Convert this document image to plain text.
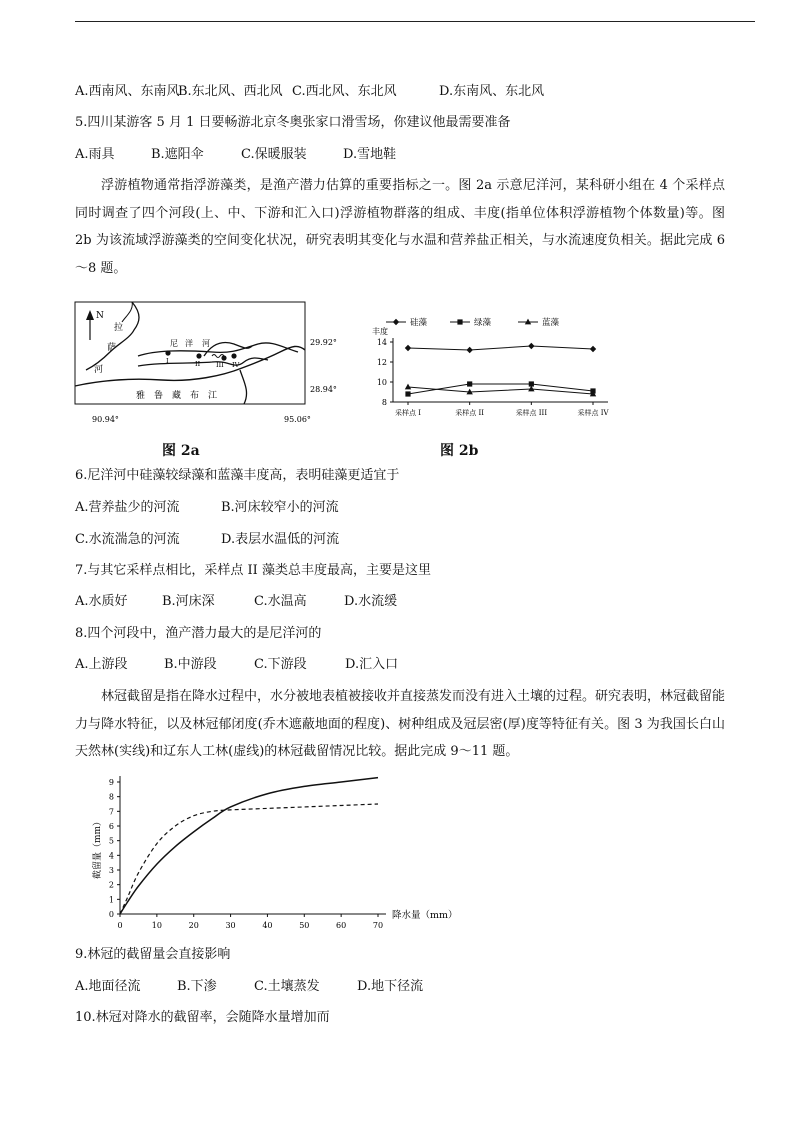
A.西南风、东南风B.东北风、西北风 C.西北风、东北风	D.东南风、东北风
5.四川某游客 5 月 1 日要畅游北京冬奥张家口滑雪场，你建议他最需要准备
A.雨具	B.遮阳伞	C.保暖服装	D.雪地鞋
浮游植物通常指浮游藻类，是渔产潜力估算的重要指标之一。图 2a 示意尼洋河，某科研小组在 4 个采样点同时调查了四个河段(上、中、下游和汇入口)浮游植物群落的组成、丰度(指单位体积浮游植物个体数量)等。图 2b 为该流域浮游藻类的空间变化状况，研究表明其变化与水温和营养盐正相关，与水流速度负相关。据此完成 6～8 题。
N
拉
萨
河
尼 洋 河
I	II III IV
雅 鲁 藏 布 江
29.92°
28.94°
90.94°	95.06°
图 2a
硅藻	绿藻	蓝藻
丰度
8
10
12
14
采样点 I	采样点 II	采样点 III	采样点 IV
图 2b
6.尼洋河中硅藻较绿藻和蓝藻丰度高，表明硅藻更适宜于
A.营养盐少的河流	B.河床较窄小的河流
C.水流湍急的河流	D.表层水温低的河流
7.与其它采样点相比，采样点 II 藻类总丰度最高，主要是这里
A.水质好	B.河床深	C.水温高	D.水流缓
8.四个河段中，渔产潜力最大的是尼洋河的
A.上游段	B.中游段	C.下游段	D.汇入口
林冠截留是指在降水过程中，水分被地表植被接收并直接蒸发而没有进入土壤的过程。研究表明，林冠截留能力与降水特征，以及林冠郁闭度(乔木遮蔽地面的程度)、树种组成及冠层密(厚)度等特征有关。图 3 为我国长白山天然林(实线)和辽东人工林(虚线)的林冠截留情况比较。据此完成 9～11 题。
0
1
2
3
4
5
6
7
8
9
0	10	20	30	40	50	60	70
降水量（mm）
截留量（mm）
9.林冠的截留量会直接影响
A.地面径流	B.下渗	C.土壤蒸发	D.地下径流
10.林冠对降水的截留率，会随降水量增加而
